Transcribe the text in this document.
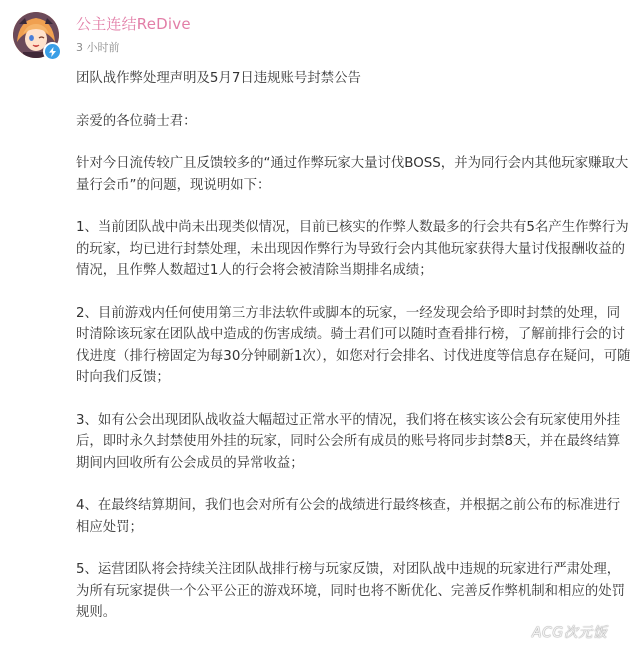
公主连结ReDive
3 小时前

团队战作弊处理声明及5月7日违规账号封禁公告

亲爱的各位骑士君：

针对今日流传较广且反馈较多的“通过作弊玩家大量讨伐BOSS，并为同行会内其他玩家赚取大量行会币”的问题，现说明如下：

1、当前团队战中尚未出现类似情况，目前已核实的作弊人数最多的行会共有5名产生作弊行为的玩家，均已进行封禁处理，未出现因作弊行为导致行会内其他玩家获得大量讨伐报酬收益的情况，且作弊人数超过1人的行会将会被清除当期排名成绩；

2、目前游戏内任何使用第三方非法软件或脚本的玩家，一经发现会给予即时封禁的处理，同时清除该玩家在团队战中造成的伤害成绩。骑士君们可以随时查看排行榜，了解前排行会的讨伐进度（排行榜固定为每30分钟刷新1次），如您对行会排名、讨伐进度等信息存在疑问，可随时向我们反馈；

3、如有公会出现团队战收益大幅超过正常水平的情况，我们将在核实该公会有玩家使用外挂后，即时永久封禁使用外挂的玩家，同时公会所有成员的账号将同步封禁8天，并在最终结算期间内回收所有公会成员的异常收益；

4、在最终结算期间，我们也会对所有公会的战绩进行最终核查，并根据之前公布的标准进行相应处罚；

5、运营团队将会持续关注团队战排行榜与玩家反馈，对团队战中违规的玩家进行严肃处理，为所有玩家提供一个公平公正的游戏环境，同时也将不断优化、完善反作弊机制和相应的处罚规则。

ACG次元饭
